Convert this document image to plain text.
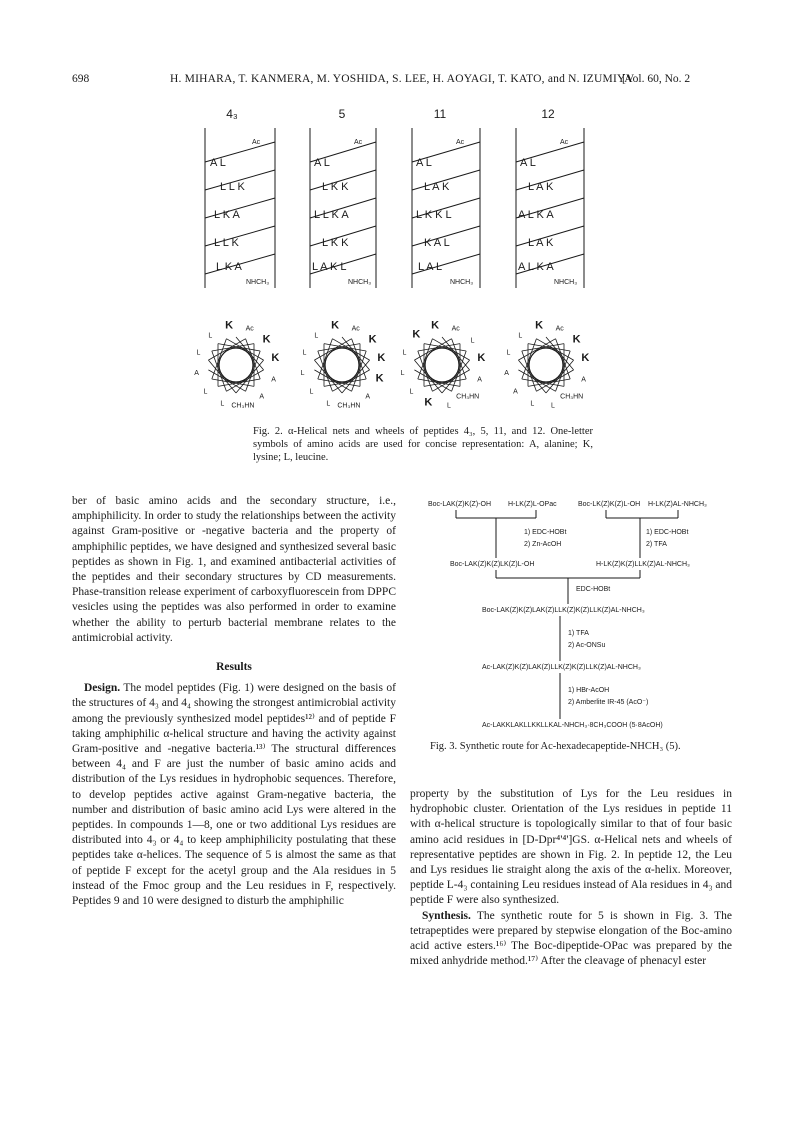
698	H. MIHARA, T. KANMERA, M. YOSHIDA, S. LEE, H. AOYAGI, T. KATO, and N. IZUMIYA
[Vol. 60, No. 2
4₃	5	11	12
Ac
A L
L L K
L K A
L L K
L K A
NHCH₃
Ac
A L
L K K
L L K A
L K K
L A K L
NHCH₃
Ac
A L
L A K
L K K L
K A L
L A L
NHCH₃
Ac
A L
L A K
A L K A
L A K
A L K A
NHCH₃
K Ac
K
K
A
A
CH₃HN
L
L
A
L
L
K Ac
K
K
K
A
CH₃HN
L
L
L
L
L
K Ac
L
K
A
CH₃HN
L
K
L
L
L
K
K Ac
K
K
A
CH₃HN
L
L
A
A
L
L
Fig. 2. α-Helical nets and wheels of peptides 4₃, 5, 11, and 12. One-letter symbols of amino acids are used for concise representation: A, alanine; K, lysine; L, leucine.

ber of basic amino acids and the secondary structure, i.e., amphiphilicity. In order to study the relationships between the activity against Gram-positive or -negative bacteria and the property of amphiphilic peptides, we have designed and synthesized several basic peptides as shown in Fig. 1, and examined antibacterial activities of the peptides and their secondary structures by CD measurements. Phase-transition release experiment of carboxyfluorescein from DPPC vesicles using the peptides was also performed in order to examine whether the ability to perturb bacterial membrane relates to the antimicrobial activity.

Results

Design. The model peptides (Fig. 1) were designed on the basis of the structures of 4₃ and 4₄ showing the strongest antimicrobial activity among the previously synthesized model peptides¹²⁾ and of peptide F taking amphiphilic α-helical structure and having the activity against Gram-positive and -negative bacteria.¹³⁾ The structural differences between 4₄ and F are just the number of basic amino acids and distribution of the Lys residues in hydrophobic sequences. Therefore, to develop peptides active against Gram-negative bacteria, the number and distribution of basic amino acid Lys were altered in the peptides. In compounds 1—8, one or two additional Lys residues are distributed into 4₃ or 4₄ to keep amphiphilicity postulating that these peptides take α-helices. The sequence of 5 is almost the same as that of peptide F except for the acetyl group and the Ala residues in 5 instead of the Fmoc group and the Leu residues in F, respectively. Peptides 9 and 10 were designed to disturb the amphiphilic

Boc-LAK(Z)K(Z)-OH H-LK(Z)L-OPac	Boc-LK(Z)K(Z)L-OH H-LK(Z)AL-NHCH₃
1) EDC-HOBt
2) Zn-AcOH
1) EDC-HOBt
2) TFA
Boc-LAK(Z)K(Z)LK(Z)L-OH	H-LK(Z)K(Z)LLK(Z)AL-NHCH₃
EDC-HOBt
Boc-LAK(Z)K(Z)LAK(Z)LLK(Z)K(Z)LLK(Z)AL-NHCH₃
1) TFA
2) Ac-ONSu
Ac-LAK(Z)K(Z)LAK(Z)LLK(Z)K(Z)LLK(Z)AL-NHCH₃
1) HBr-AcOH
2) Amberlite IR-45 (AcO⁻)
Ac-LAKKLAKLLKKLLKAL-NHCH₃·8CH₃COOH (5·8AcOH)
Fig. 3. Synthetic route for Ac-hexadecapeptide-NHCH₃ (5).

property by the substitution of Lys for the Leu residues in hydrophobic cluster. Orientation of the Lys residues in peptide 11 with α-helical structure is topologically similar to that of four basic amino acid residues in [D-Dpr⁴'⁴']GS. α-Helical nets and wheels of representative peptides are shown in Fig. 2. In peptide 12, the Leu and Lys residues lie straight along the axis of the α-helix. Moreover, peptide L-4₃ containing Leu residues instead of Ala residues in 4₃ and peptide F were also synthesized.

Synthesis. The synthetic route for 5 is shown in Fig. 3. The tetrapeptides were prepared by stepwise elongation of the Boc-amino acid active esters.¹⁶⁾ The Boc-dipeptide-OPac was prepared by the mixed anhydride method.¹⁷⁾ After the cleavage of phenacyl ester
